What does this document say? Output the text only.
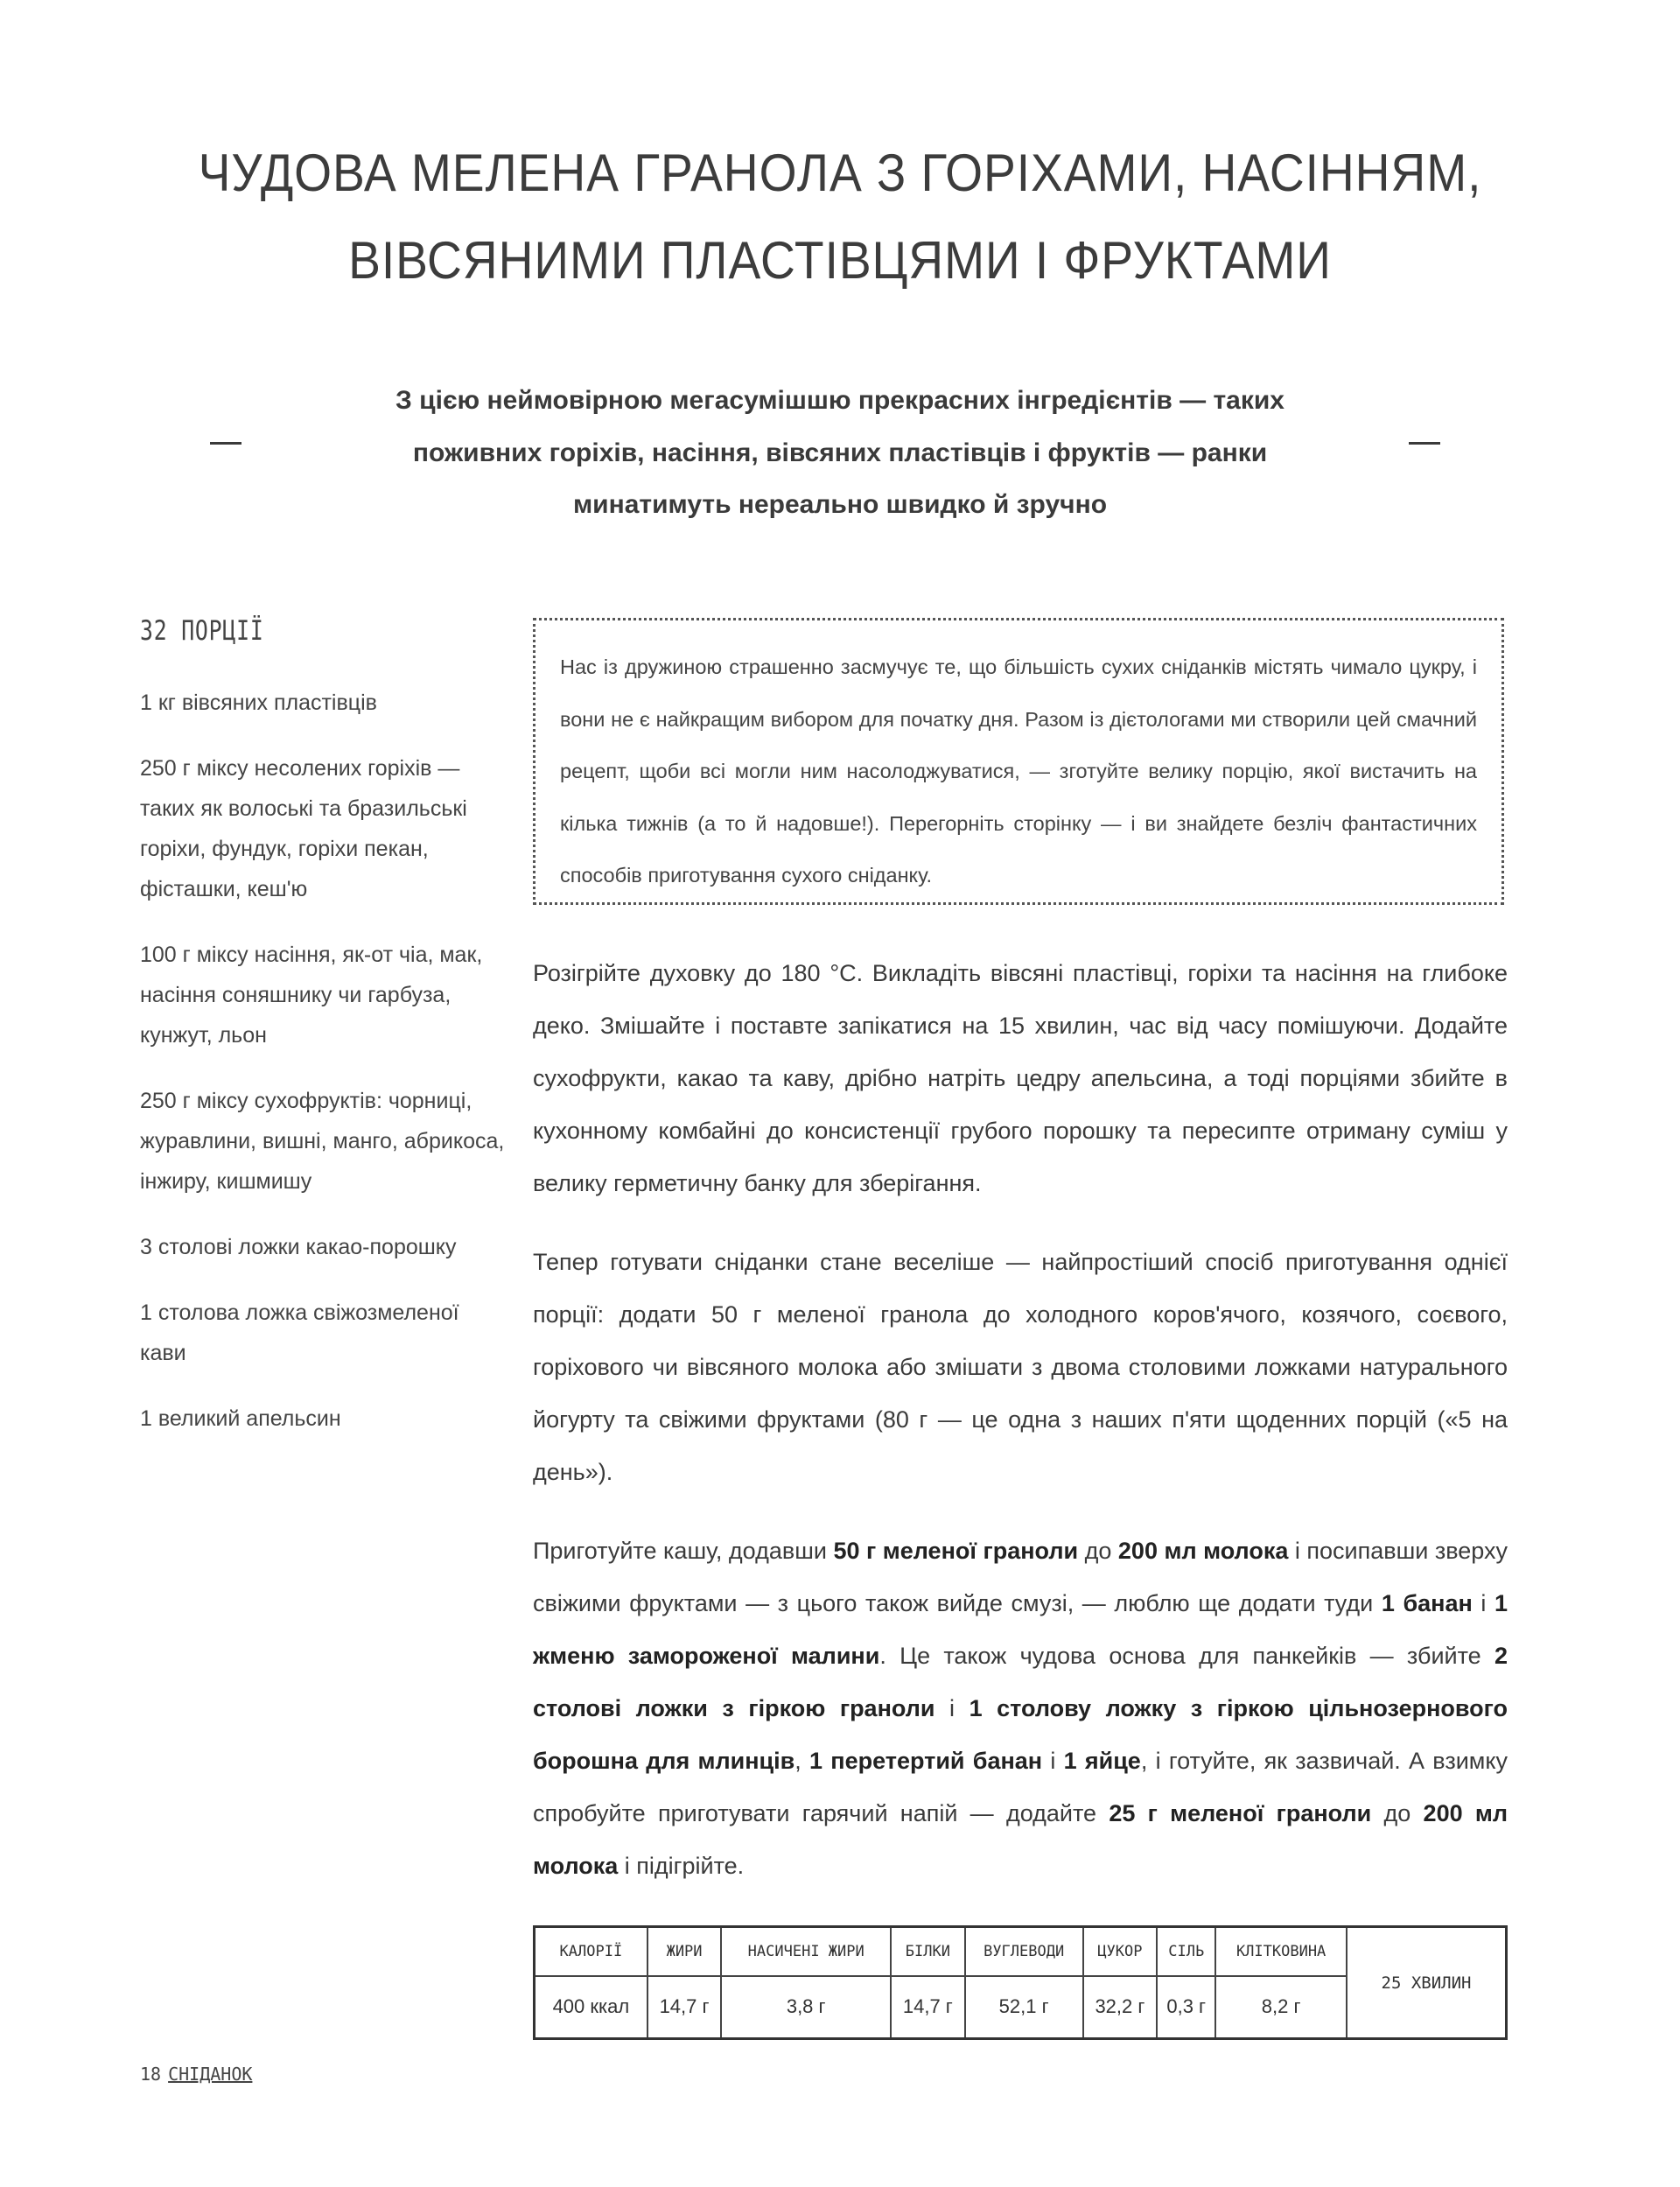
ЧУДОВА МЕЛЕНА ГРАНОЛА З ГОРІХАМИ, НАСІННЯМ,
ВІВСЯНИМИ ПЛАСТІВЦЯМИ І ФРУКТАМИ
З цією неймовірною мегасумішшю прекрасних інгредієнтів — таких
поживних горіхів, насіння, вівсяних пластівців і фруктів — ранки
минатимуть нереально швидко й зручно
32 ПОРЦІЇ
1 кг вівсяних пластівців
250 г міксу несолених горіхів — таких як волоські та бразильські горіхи, фундук, горіхи пекан, фісташки, кеш'ю
100 г міксу насіння, як-от чіа, мак, насіння соняшнику чи гарбуза, кунжут, льон
250 г міксу сухофруктів: чорниці, журавлини, вишні, манго, абрикоса, інжиру, кишмишу
3 столові ложки какао-порошку
1 столова ложка свіжозмеленої кави
1 великий апельсин
Нас із дружиною страшенно засмучує те, що більшість сухих сніданків містять чимало цукру, і вони не є найкращим вибором для початку дня. Разом із дієтологами ми створили цей смачний рецепт, щоби всі могли ним насолоджуватися, — зготуйте велику порцію, якої вистачить на кілька тижнів (а то й надовше!). Перегорніть сторінку — і ви знайдете безліч фантастичних способів приготування сухого сніданку.

Розігрійте духовку до 180 °C. Викладіть вівсяні пластівці, горіхи та насіння на глибоке деко. Змішайте і поставте запікатися на 15 хвилин, час від часу помішуючи. Додайте сухофрукти, какао та каву, дрібно натріть цедру апельсина, а тоді порціями збийте в кухонному комбайні до консистенції грубого порошку та пересипте отриману суміш у велику герметичну банку для зберігання.

Тепер готувати сніданки стане веселіше — найпростіший спосіб приготування однієї порції: додати 50 г меленої гранола до холодного коров'ячого, козячого, соєвого, горіхового чи вівсяного молока або змішати з двома столовими ложками натурального йогурту та свіжими фруктами (80 г — це одна з наших п'яти щоденних порцій («5 на день»).

Приготуйте кашу, додавши 50 г меленої граноли до 200 мл молока і посипавши зверху свіжими фруктами — з цього також вийде смузі, — люблю ще додати туди 1 банан і 1 жменю замороженої малини. Це також чудова основа для панкейків — збийте 2 столові ложки з гіркою граноли і 1 столову ложку з гіркою цільнозернового борошна для млинців, 1 перетертий банан і 1 яйце, і готуйте, як зазвичай. А взимку спробуйте приготувати гарячий напій — додайте 25 г меленої граноли до 200 мл молока і підігрійте.

КАЛОРІЇ	ЖИРИ	НАСИЧЕНІ ЖИРИ	БІЛКИ	ВУГЛЕВОДИ	ЦУКОР	СІЛЬ	КЛІТКОВИНА	25 ХВИЛИН
400 ккал	14,7 г	3,8 г	14,7 г	52,1 г	32,2 г	0,3 г	8,2 г	
18 СНІДАНОК
